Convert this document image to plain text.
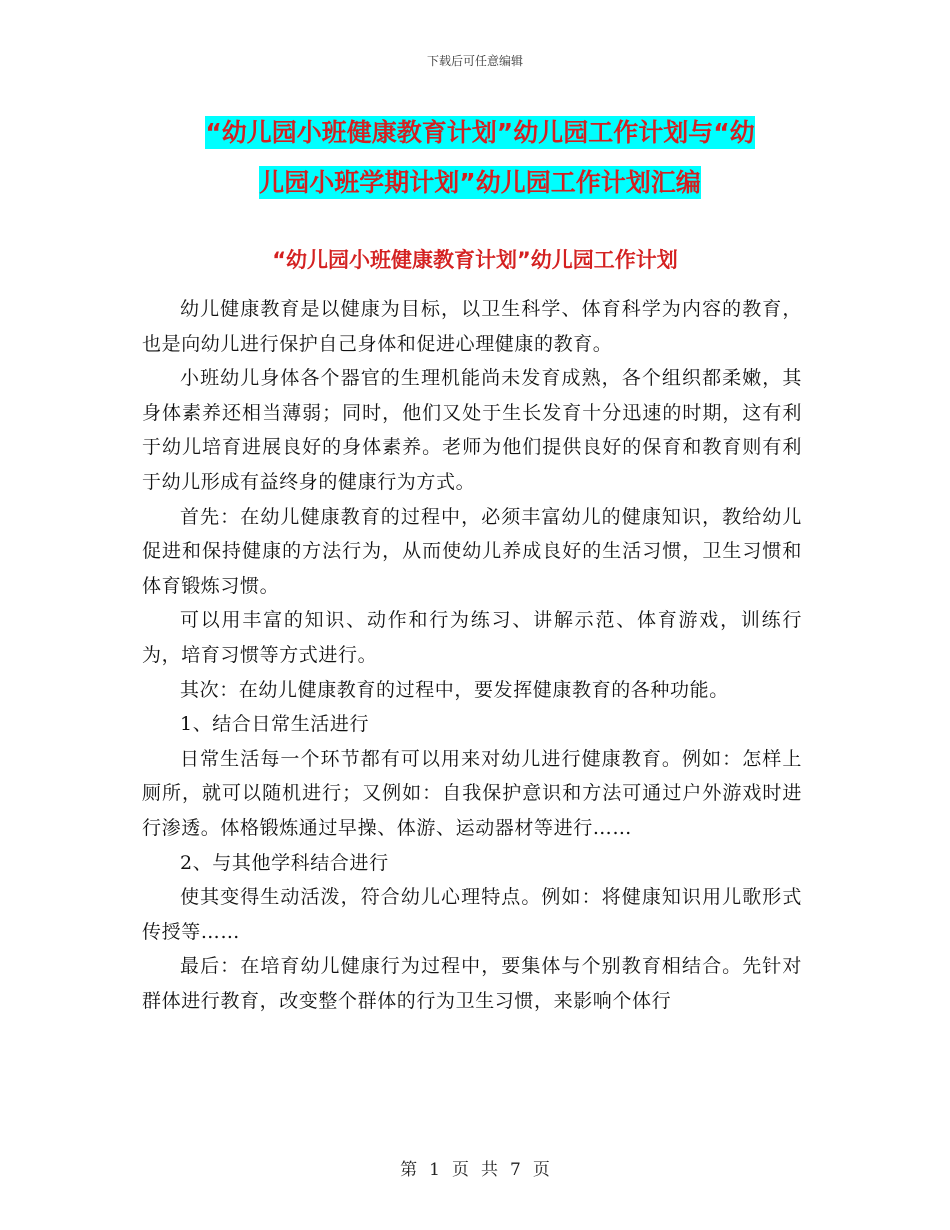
下载后可任意编辑
“幼儿园小班健康教育计划”幼儿园工作计划与“幼
儿园小班学期计划”幼儿园工作计划汇编
“幼儿园小班健康教育计划”幼儿园工作计划

幼儿健康教育是以健康为目标，以卫生科学、体育科学为内容的教育，也是向幼儿进行保护自己身体和促进心理健康的教育。

小班幼儿身体各个器官的生理机能尚未发育成熟，各个组织都柔嫩，其身体素养还相当薄弱；同时，他们又处于生长发育十分迅速的时期，这有利于幼儿培育进展良好的身体素养。老师为他们提供良好的保育和教育则有利于幼儿形成有益终身的健康行为方式。

首先：在幼儿健康教育的过程中，必须丰富幼儿的健康知识，教给幼儿促进和保持健康的方法行为，从而使幼儿养成良好的生活习惯，卫生习惯和体育锻炼习惯。

可以用丰富的知识、动作和行为练习、讲解示范、体育游戏，训练行为，培育习惯等方式进行。

其次：在幼儿健康教育的过程中，要发挥健康教育的各种功能。

1、结合日常生活进行

日常生活每一个环节都有可以用来对幼儿进行健康教育。例如：怎样上厕所，就可以随机进行；又例如：自我保护意识和方法可通过户外游戏时进行渗透。体格锻炼通过早操、体游、运动器材等进行……

2、与其他学科结合进行

使其变得生动活泼，符合幼儿心理特点。例如：将健康知识用儿歌形式传授等……

最后：在培育幼儿健康行为过程中，要集体与个别教育相结合。先针对群体进行教育，改变整个群体的行为卫生习惯，来影响个体行

第 1 页 共 7 页
